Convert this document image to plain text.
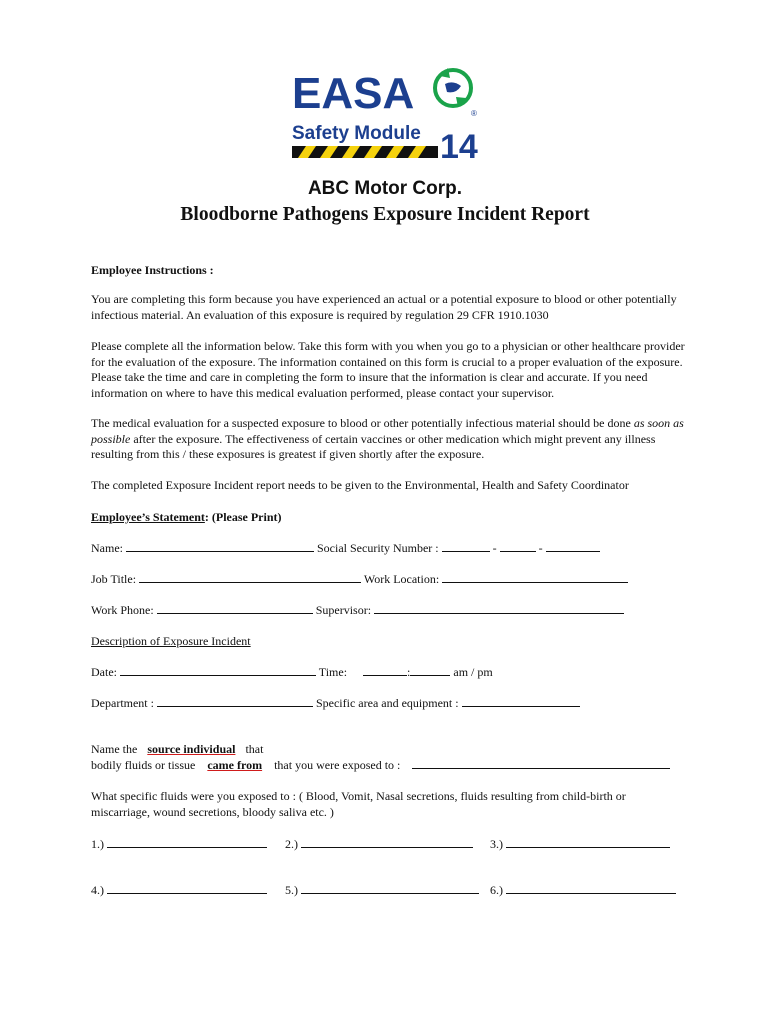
EASA	®
Safety Module 14
ABC Motor Corp.
Bloodborne Pathogens Exposure Incident Report
Employee Instructions :
You are completing this form because you have experienced an actual or a potential exposure to blood or other potentially infectious material. An evaluation of this exposure is required by regulation 29 CFR 1910.1030
Please complete all the information below. Take this form with you when you go to a physician or other healthcare provider for the evaluation of the exposure. The information contained on this form is crucial to a proper evaluation of the exposure. Please take the time and care in completing the form to insure that the information is clear and accurate. If you need information on where to have this medical evaluation performed, please contact your supervisor.
The medical evaluation for a suspected exposure to blood or other potentially infectious material should be done as soon as possible after the exposure. The effectiveness of certain vaccines or other medication which might prevent any illness resulting from this / these exposures is greatest if given shortly after the exposure.
The completed Exposure Incident report needs to be given to the Environmental, Health and Safety Coordinator
Employee’s Statement: (Please Print)
Name:	Social Security Number :	-	-
Job Title:	Work Location:
Work Phone:	Supervisor:
Description of Exposure Incident
Date:	Time:	:	am / pm
Department :	Specific area and equipment :
Name the source individual that
bodily fluids or tissue came from that you were exposed to :
What specific fluids were you exposed to : ( Blood, Vomit, Nasal secretions, fluids resulting from child-birth or miscarriage, wound secretions, bloody saliva etc. )
1.)	2.)	3.)
4.)	5.)	6.)
